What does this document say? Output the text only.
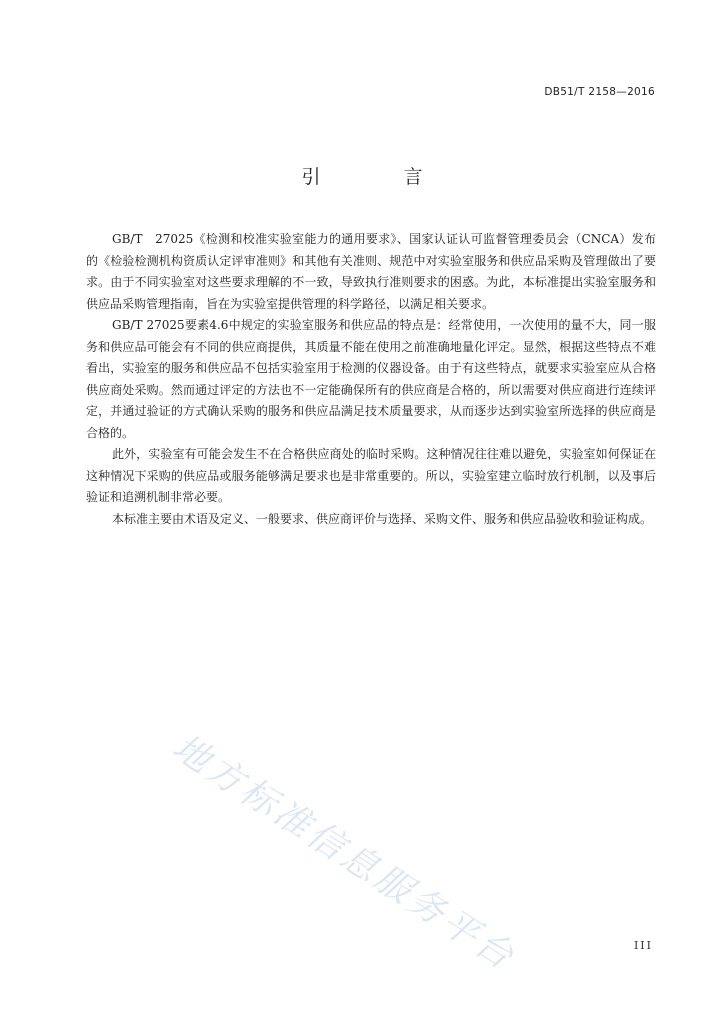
DB51/T 2158—2016
引　言

GB/T　27025《检测和校准实验室能力的通用要求》、国家认证认可监督管理委员会（CNCA）发布的《检验检测机构资质认定评审准则》和其他有关准则、规范中对实验室服务和供应品采购及管理做出了要求。由于不同实验室对这些要求理解的不一致，导致执行准则要求的困惑。为此，本标准提出实验室服务和供应品采购管理指南，旨在为实验室提供管理的科学路径，以满足相关要求。

GB/T 27025要素4.6中规定的实验室服务和供应品的特点是：经常使用，一次使用的量不大，同一服务和供应品可能会有不同的供应商提供，其质量不能在使用之前准确地量化评定。显然，根据这些特点不难看出，实验室的服务和供应品不包括实验室用于检测的仪器设备。由于有这些特点，就要求实验室应从合格供应商处采购。然而通过评定的方法也不一定能确保所有的供应商是合格的，所以需要对供应商进行连续评定，并通过验证的方式确认采购的服务和供应品满足技术质量要求，从而逐步达到实验室所选择的供应商是合格的。

此外，实验室有可能会发生不在合格供应商处的临时采购。这种情况往往难以避免，实验室如何保证在这种情况下采购的供应品或服务能够满足要求也是非常重要的。所以，实验室建立临时放行机制，以及事后验证和追溯机制非常必要。

本标准主要由术语及定义、一般要求、供应商评价与选择、采购文件、服务和供应品验收和验证构成。

地方标准信息服务平台	III
